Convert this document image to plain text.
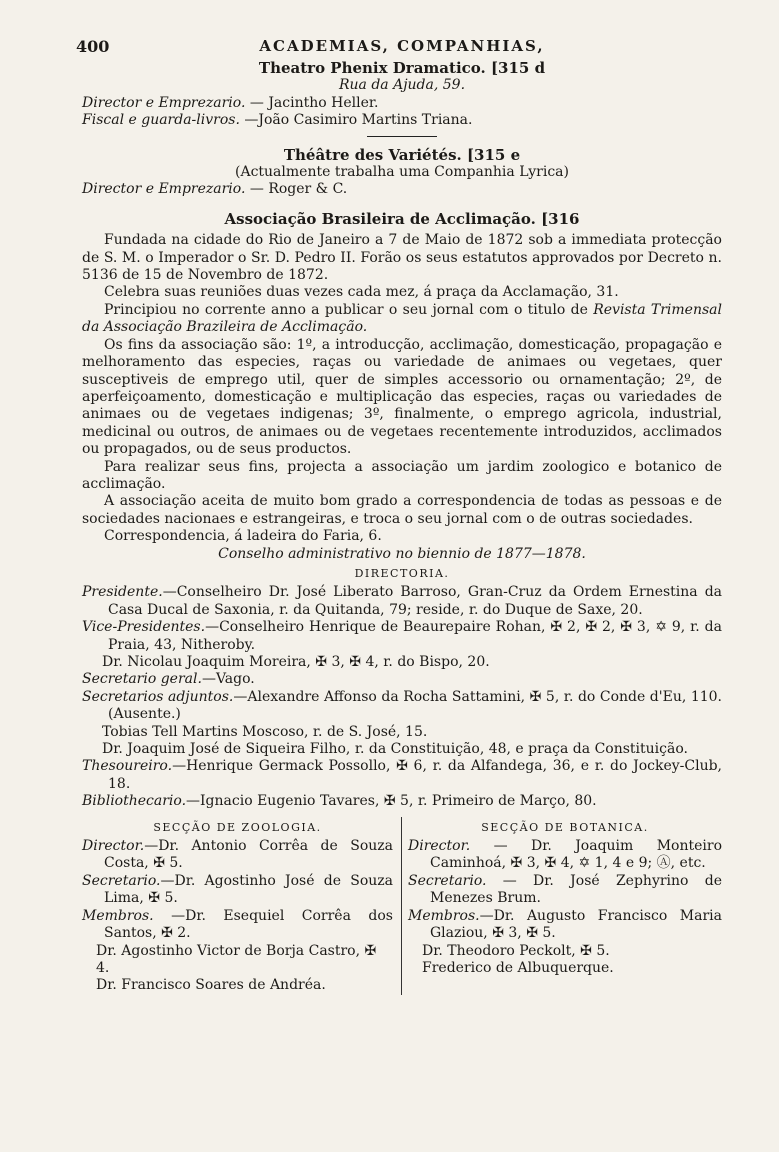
400	ACADEMIAS, COMPANHIAS,

Theatro Phenix Dramatico. [315 d

Rua da Ajuda, 59.

Director e Emprezario. — Jacintho Heller.

Fiscal e guarda-livros. —João Casimiro Martins Triana.

Théâtre des Variétés. [315 e

(Actualmente trabalha uma Companhia Lyrica)

Director e Emprezario. — Roger & C.

Associação Brasileira de Acclimação. [316

Fundada na cidade do Rio de Janeiro a 7 de Maio de 1872 sob a immediata protecção de S. M. o Imperador o Sr. D. Pedro II. Forão os seus estatutos approvados por Decreto n. 5136 de 15 de Novembro de 1872.

Celebra suas reuniões duas vezes cada mez, á praça da Acclamação, 31.

Principiou no corrente anno a publicar o seu jornal com o titulo de Revista Trimensal da Associação Brazileira de Acclimação.

Os fins da associação são: 1º, a introducção, acclimação, domesticação, propagação e melhoramento das especies, raças ou variedade de animaes ou vegetaes, quer susceptiveis de emprego util, quer de simples accessorio ou ornamentação; 2º, de aperfeiçoamento, domesticação e multiplicação das especies, raças ou variedades de animaes ou de vegetaes indigenas; 3º, finalmente, o emprego agricola, industrial, medicinal ou outros, de animaes ou de vegetaes recentemente introduzidos, acclimados ou propagados, ou de seus productos.

Para realizar seus fins, projecta a associação um jardim zoologico e botanico de acclimação.

A associação aceita de muito bom grado a correspondencia de todas as pessoas e de sociedades nacionaes e estrangeiras, e troca o seu jornal com o de outras sociedades.

Correspondencia, á ladeira do Faria, 6.

Conselho administrativo no biennio de 1877—1878.

DIRECTORIA.

Presidente.—Conselheiro Dr. José Liberato Barroso, Gran-Cruz da Ordem Ernestina da Casa Ducal de Saxonia, r. da Quitanda, 79; reside, r. do Duque de Saxe, 20.

Vice-Presidentes.—Conselheiro Henrique de Beaurepaire Rohan, ✠ 2, ✠ 2, ✠ 3, ✡ 9, r. da Praia, 43, Nitheroby.

Dr. Nicolau Joaquim Moreira, ✠ 3, ✠ 4, r. do Bispo, 20.

Secretario geral.—Vago.

Secretarios adjuntos.—Alexandre Affonso da Rocha Sattamini, ✠ 5, r. do Conde d'Eu, 110. (Ausente.)

Tobias Tell Martins Moscoso, r. de S. José, 15.

Dr. Joaquim José de Siqueira Filho, r. da Constituição, 48, e praça da Constituição.

Thesoureiro.—Henrique Germack Possollo, ✠ 6, r. da Alfandega, 36, e r. do Jockey-Club, 18.

Bibliothecario.—Ignacio Eugenio Tavares, ✠ 5, r. Primeiro de Março, 80.

SECÇÃO DE ZOOLOGIA.

Director.—Dr. Antonio Corrêa de Souza Costa, ✠ 5.

Secretario.—Dr. Agostinho José de Souza Lima, ✠ 5.

Membros. —Dr. Esequiel Corrêa dos Santos, ✠ 2.

Dr. Agostinho Victor de Borja Castro, ✠ 4.

Dr. Francisco Soares de Andréa.

SECÇÃO DE BOTANICA.

Director. — Dr. Joaquim Monteiro Caminhoá, ✠ 3, ✠ 4, ✡ 1, 4 e 9; Ⓐ, etc.

Secretario. — Dr. José Zephyrino de Menezes Brum.

Membros.—Dr. Augusto Francisco Maria Glaziou, ✠ 3, ✠ 5.

Dr. Theodoro Peckolt, ✠ 5.

Frederico de Albuquerque.
